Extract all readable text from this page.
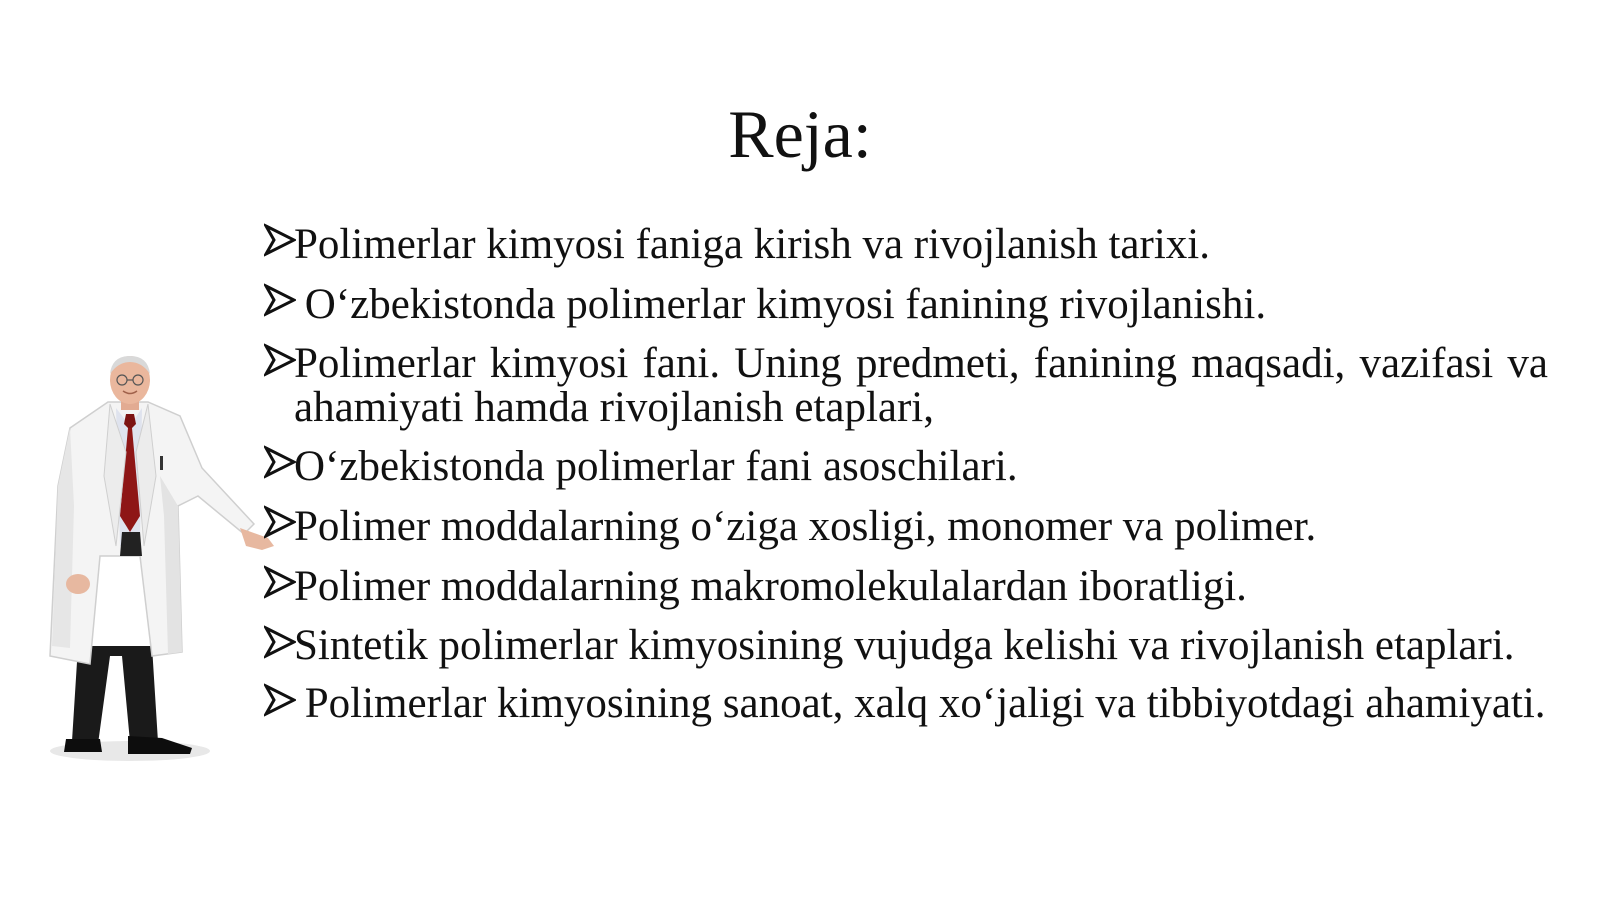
Reja:
Polimerlar kimyosi faniga kirish va rivojlanish tarixi.
O‘zbekistonda polimerlar kimyosi fanining rivojlanishi.
Polimerlar kimyosi fani. Uning predmeti, fanining maqsadi, vazifasi va ahamiyati hamda rivojlanish etaplari,
O‘zbekistonda polimerlar fani asoschilari.
Polimer moddalarning o‘ziga xosligi, monomer va polimer.
Polimer moddalarning makromolekulalardan iboratligi.
Sintetik polimerlar kimyosining vujudga kelishi va rivojlanish etaplari.
Polimerlar kimyosining sanoat, xalq xo‘jaligi va tibbiyotdagi ahamiyati.
